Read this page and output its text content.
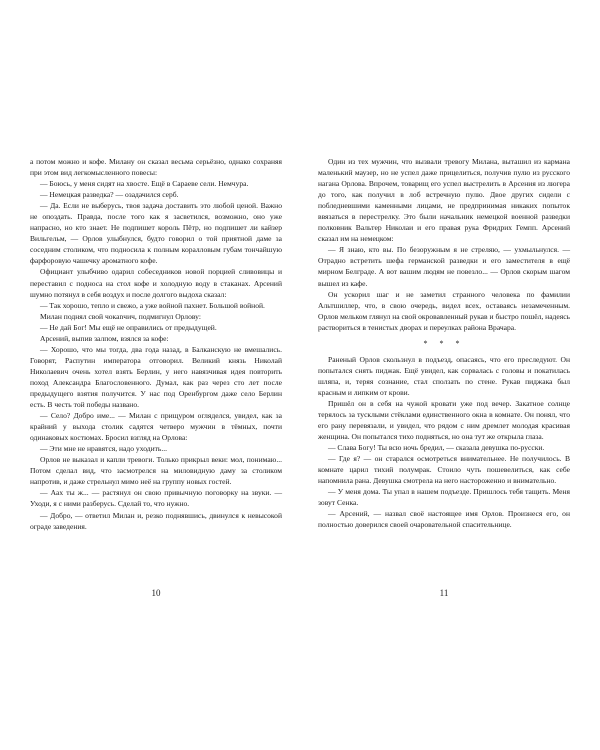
а потом можно и кофе. Милану он сказал весьма серьёзно, однако сохраняя при этом вид легкомысленного повесы:

— Боюсь, у меня сидят на хвосте. Ещё в Сараеве сели. Немчура.

— Немецкая разведка? — озадачился серб.

— Да. Если не выберусь, твоя задача доставить это любой ценой. Важно не опоздать. Правда, после того как я засветился, возможно, оно уже напрасно, но кто знает. Не подпишет король Пётр, но подпишет ли кайзер Вильгельм, — Орлов улыбнулся, будто говорил о той приятной даме за соседним столиком, что подносила к полным коралловым губам тончайшую фарфоровую чашечку ароматного кофе.

Официант улыбчиво одарил собеседников новой порцией сливовицы и переставил с подноса на стол кофе и холодную воду в стаканах. Арсений шумно потянул в себя воздух и после долгого выдоха сказал:

— Так хорошо, тепло и свежо, а уже войной пахнет. Большой войной.

Милан поднял свой чокanчич, подмигнул Орлову:

— Не дай Бог! Мы ещё не оправились от предыдущей.

Арсений, выпив залпом, взялся за кофе:

— Хорошо, что мы тогда, два года назад, в Балканскую не вмешались. Говорят, Распутин императора отговорил. Великий князь Николай Николаевич очень хотел взять Берлин, у него навязчивая идея повторить поход Александра Благословенного. Думал, как раз через сто лет после предыдущего взятия получится. У нас под Оренбургом даже село Берлин есть. В честь той победы названо.

— Село? Добро име... — Милан с прищуром огляделся, увидел, как за крайний у выхода столик садятся четверо мужчин в тёмных, почти одинаковых костюмах. Бросил взгляд на Орлова:

— Эти мне не нравятся, надо уходить...

Орлов не выказал и капли тревоги. Только прикрыл веки: мол, понимаю... Потом сделал вид, что засмотрелся на миловидную даму за столиком напротив, и даже стрельнул мимо неё на группу новых гостей.

— Аах ты ж... — растянул он свою привычную поговорку на звуки. — Уходи, я с ними разберусь. Сделай то, что нужно.

— Добро, — ответил Милан и, резко поднявшись, двинулся к невысокой ограде заведения.

Один из тех мужчин, что вызвали тревогу Милана, выташил из кармана маленький маузер, но не успел даже прицелиться, получив пулю из русского нагана Орлова. Впрочем, товарищ его успел выстрелить в Арсения из люгера до того, как получил в лоб встречную пулю. Двое других сидели с побледневшими каменными лицами, не предпринимая никаких попыток ввязаться в перестрелку. Это были начальник немецкой военной разведки полковник Вальтер Николаи и его правая рука Фридрих Гемпп. Арсений сказал им на немецком:

— Я знаю, кто вы. По безоружным я не стреляю, — ухмыльнулся. — Отрадно встретить шефа германской разведки и его заместителя в ещё мирном Белграде. А вот вашим людям не повезло... — Орлов скорым шагом вышел из кафе.

Он ускорил шаг и не заметил странного человека по фамилии Альтшиллер, что, в свою очередь, видел всех, оставаясь незамеченным. Орлов мельком глянул на свой окровавленный рукав и быстро пошёл, надеясь раствориться в тенистых дворах и переулках района Врачара.

* * *

Раненый Орлов скользнул в подъезд, опасаясь, что его преследуют. Он попытался снять пиджак. Ещё увидел, как сорвалась с головы и покатилась шляпа, и, теряя сознание, стал сползать по стене. Рукав пиджака был красным и липким от крови.

Пришёл он в себя на чужой кровати уже под вечер. Закатное солнце терялось за тусклыми стёклами единственного окна в комнате. Он понял, что его рану перевязали, и увидел, что рядом с ним дремлет молодая красивая женщина. Он попытался тихо подняться, но она тут же открыла глаза.

— Слава Богу! Ты всю ночь бредил, — сказала девушка по-русски.

— Где я? — он старался осмотреться внимательнее. Не получилось. В комнате царил тихий полумрак. Стоило чуть пошевелиться, как себе напомнила рана. Девушка смотрела на него настороженно и внимательно.

— У меня дома. Ты упал в нашем подъезде. Пришлось тебя тащить. Меня зовут Сенка.

— Арсений, — назвал своё настоящее имя Орлов. Произнеся его, он полностью доверился своей очаровательной спасительнице.

10	11
